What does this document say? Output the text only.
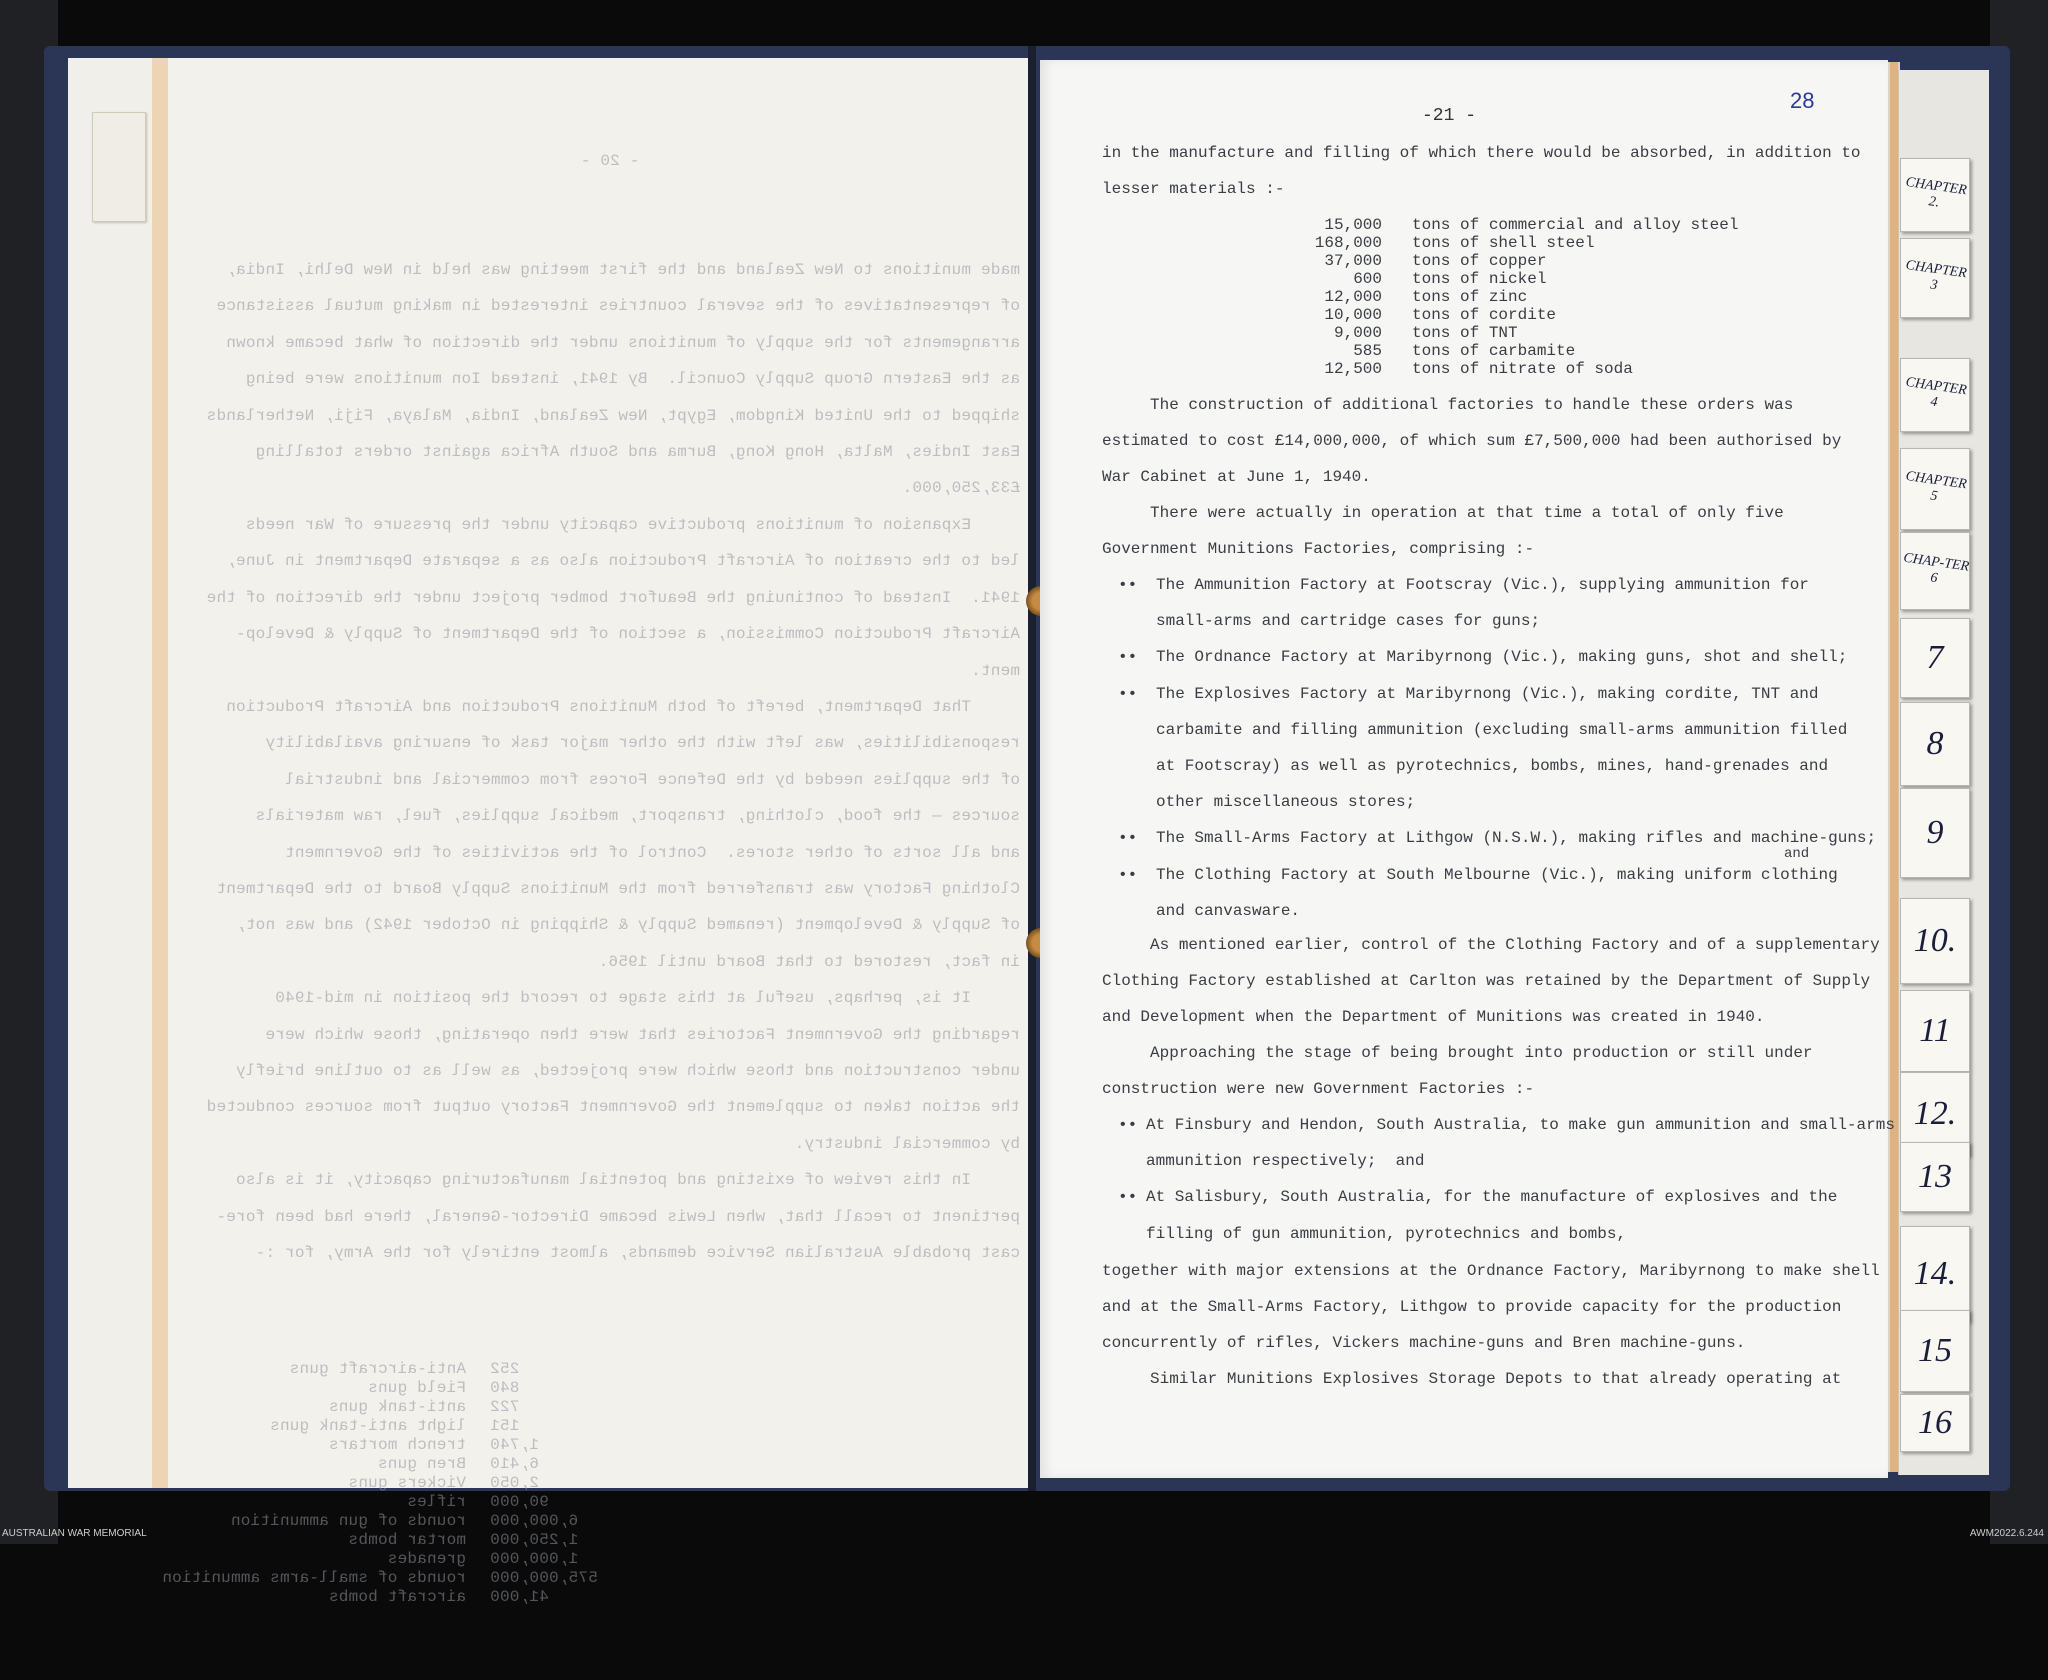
- 20 -

made munitions to New Zealand and the first meeting was held in New Delhi, India,

of representatives of the several countries interested in making mutual assistance

arrangements for the supply of munitions under the direction of what became known

as the Eastern Group Supply Council.  By 1941, instead Ion munitions were being

shipped to the United Kingdom, Egypt, New Zealand, India, Malaya, Fiji, Netherlands

East Indies, Malta, Hong Kong, Burma and South Africa against orders totalling

£33,250,000.

Expansion of munitions productive capacity under the pressure of War needs

led to the creation of Aircraft Production also as a separate Department in June,

1941.  Instead of continuing the Beaufort bomber project under the direction of the

Aircraft Production Commission, a section of the Department of Supply & Develop-

ment.

That Department, bereft of both Munitions Production and Aircraft Production

responsibilities, was left with the other major task of ensuring availability

of the supplies needed by the Defence Forces from commercial and industrial

sources — the food, clothing, transport, medical supplies, fuel, raw materials

and all sorts of other stores.  Control of the activities of the Government

Clothing Factory was transferred from the Munitions Supply Board to the Department

of Supply & Development (renamed Supply & Shipping in October 1942) and was not,

in fact, restored to that Board until 1956.

It is, perhaps, useful at this stage to record the position in mid-1940

regarding the Government Factories that were then operating, those which were

under construction and those which were projected, as well as to outline briefly

the action taken to supplement the Government Factory output from sources conducted

by commercial industry.

In this review of existing and potential manufacturing capacity, it is also

pertinent to recall that, when Lewis became Director-General, there had been fore-

cast probable Australian Service demands, almost entirely for the Army, for :-

252Anti-aircraft guns

840Field guns

722anti-tank guns

151light anti-tank guns

1,740trench mortars

6,410Bren guns

2,050Vickers guns

90,000rifles

6,000,000rounds of gun ammunition

1,250,000mortar bombs

1,000,000grenades

575,000,000rounds of small-arms ammunition

41,000aircraft bombs

-21 -
28
in the manufacture and filling of which there would be absorbed, in addition to
lesser materials :-
The construction of additional factories to handle these orders was
estimated to cost £14,000,000, of which sum £7,500,000 had been authorised by
War Cabinet at June 1, 1940.
There were actually in operation at that time a total of only five
Government Munitions Factories, comprising :-
•• The Ammunition Factory at Footscray (Vic.), supplying ammunition for
small-arms and cartridge cases for guns;
•• The Ordnance Factory at Maribyrnong (Vic.), making guns, shot and shell;
•• The Explosives Factory at Maribyrnong (Vic.), making cordite, TNT and
carbamite and filling ammunition (excluding small-arms ammunition filled
at Footscray) as well as pyrotechnics, bombs, mines, hand-grenades and
other miscellaneous stores;
•• The Small-Arms Factory at Lithgow (N.S.W.), making rifles and machine-guns;
•• The Clothing Factory at South Melbourne (Vic.), making uniform clothing
and canvasware.
and
As mentioned earlier, control of the Clothing Factory and of a supplementary
Clothing Factory established at Carlton was retained by the Department of Supply
and Development when the Department of Munitions was created in 1940.
Approaching the stage of being brought into production or still under
construction were new Government Factories :-
•• At Finsbury and Hendon, South Australia, to make gun ammunition and small-arms
ammunition respectively;  and
•• At Salisbury, South Australia, for the manufacture of explosives and the
filling of gun ammunition, pyrotechnics and bombs,
together with major extensions at the Ordnance Factory, Maribyrnong to make shell
and at the Small-Arms Factory, Lithgow to provide capacity for the production
concurrently of rifles, Vickers machine-guns and Bren machine-guns.
Similar Munitions Explosives Storage Depots to that already operating at
15,000 tons of commercial and alloy steel
168,000 tons of shell steel
37,000 tons of copper
600 tons of nickel
12,000 tons of zinc
10,000 tons of cordite
9,000 tons of TNT
585 tons of carbamite
12,500 tons of nitrate of soda
CHAPTER 2.
CHAPTER 3
CHAPTER 4
CHAPTER 5
CHAP-TER 6
7
8
9
10.
11
12.
13
14.
15
16
AUSTRALIAN WAR MEMORIAL	AWM2022.6.244
